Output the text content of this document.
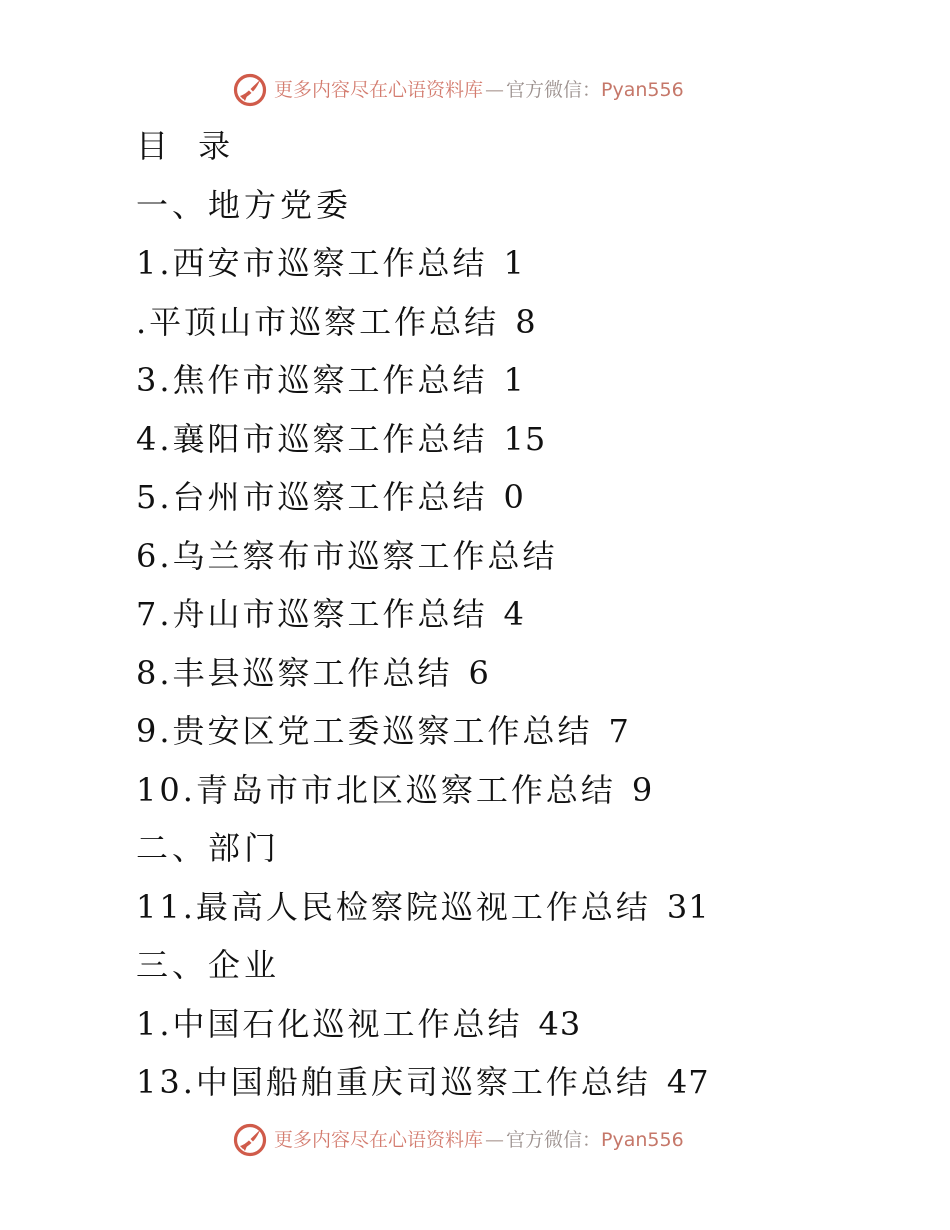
更多内容尽在心语资料库 — 官方微信： Pyan556
目 录
一、地方党委
1.西安市巡察工作总结 1
.平顶山市巡察工作总结 8
3.焦作市巡察工作总结 1
4.襄阳市巡察工作总结 15
5.台州市巡察工作总结 0
6.乌兰察布市巡察工作总结
7.舟山市巡察工作总结 4
8.丰县巡察工作总结 6
9.贵安区党工委巡察工作总结 7
10.青岛市市北区巡察工作总结 9
二、部门
11.最高人民检察院巡视工作总结 31
三、企业
1.中国石化巡视工作总结 43
13.中国船舶重庆司巡察工作总结 47
更多内容尽在心语资料库 — 官方微信： Pyan556
